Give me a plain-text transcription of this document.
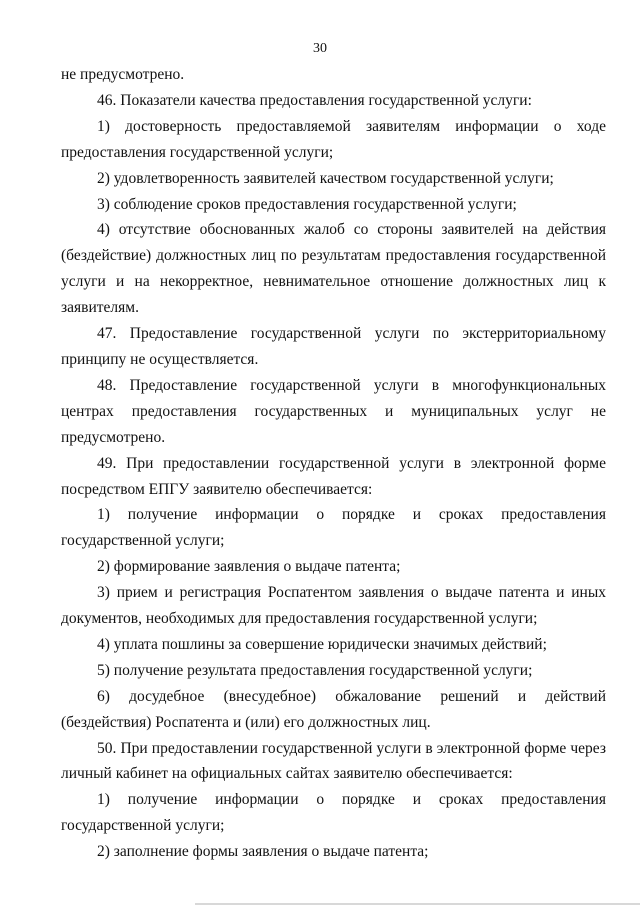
30

не предусмотрено.

46. Показатели качества предоставления государственной услуги:

1) достоверность предоставляемой заявителям информации о ходе предоставления государственной услуги;

2) удовлетворенность заявителей качеством государственной услуги;

3) соблюдение сроков предоставления государственной услуги;

4) отсутствие обоснованных жалоб со стороны заявителей на действия (бездействие) должностных лиц по результатам предоставления государственной услуги и на некорректное, невнимательное отношение должностных лиц к заявителям.

47. Предоставление государственной услуги по экстерриториальному принципу не осуществляется.

48. Предоставление государственной услуги в многофункциональных центрах предоставления государственных и муниципальных услуг не предусмотрено.

49. При предоставлении государственной услуги в электронной форме посредством ЕПГУ заявителю обеспечивается:

1) получение информации о порядке и сроках предоставления государственной услуги;

2) формирование заявления о выдаче патента;

3) прием и регистрация Роспатентом заявления о выдаче патента и иных документов, необходимых для предоставления государственной услуги;

4) уплата пошлины за совершение юридически значимых действий;

5) получение результата предоставления государственной услуги;

6) досудебное (внесудебное) обжалование решений и действий (бездействия) Роспатента и (или) его должностных лиц.

50. При предоставлении государственной услуги в электронной форме через личный кабинет на официальных сайтах заявителю обеспечивается:

1) получение информации о порядке и сроках предоставления государственной услуги;

2) заполнение формы заявления о выдаче патента;
